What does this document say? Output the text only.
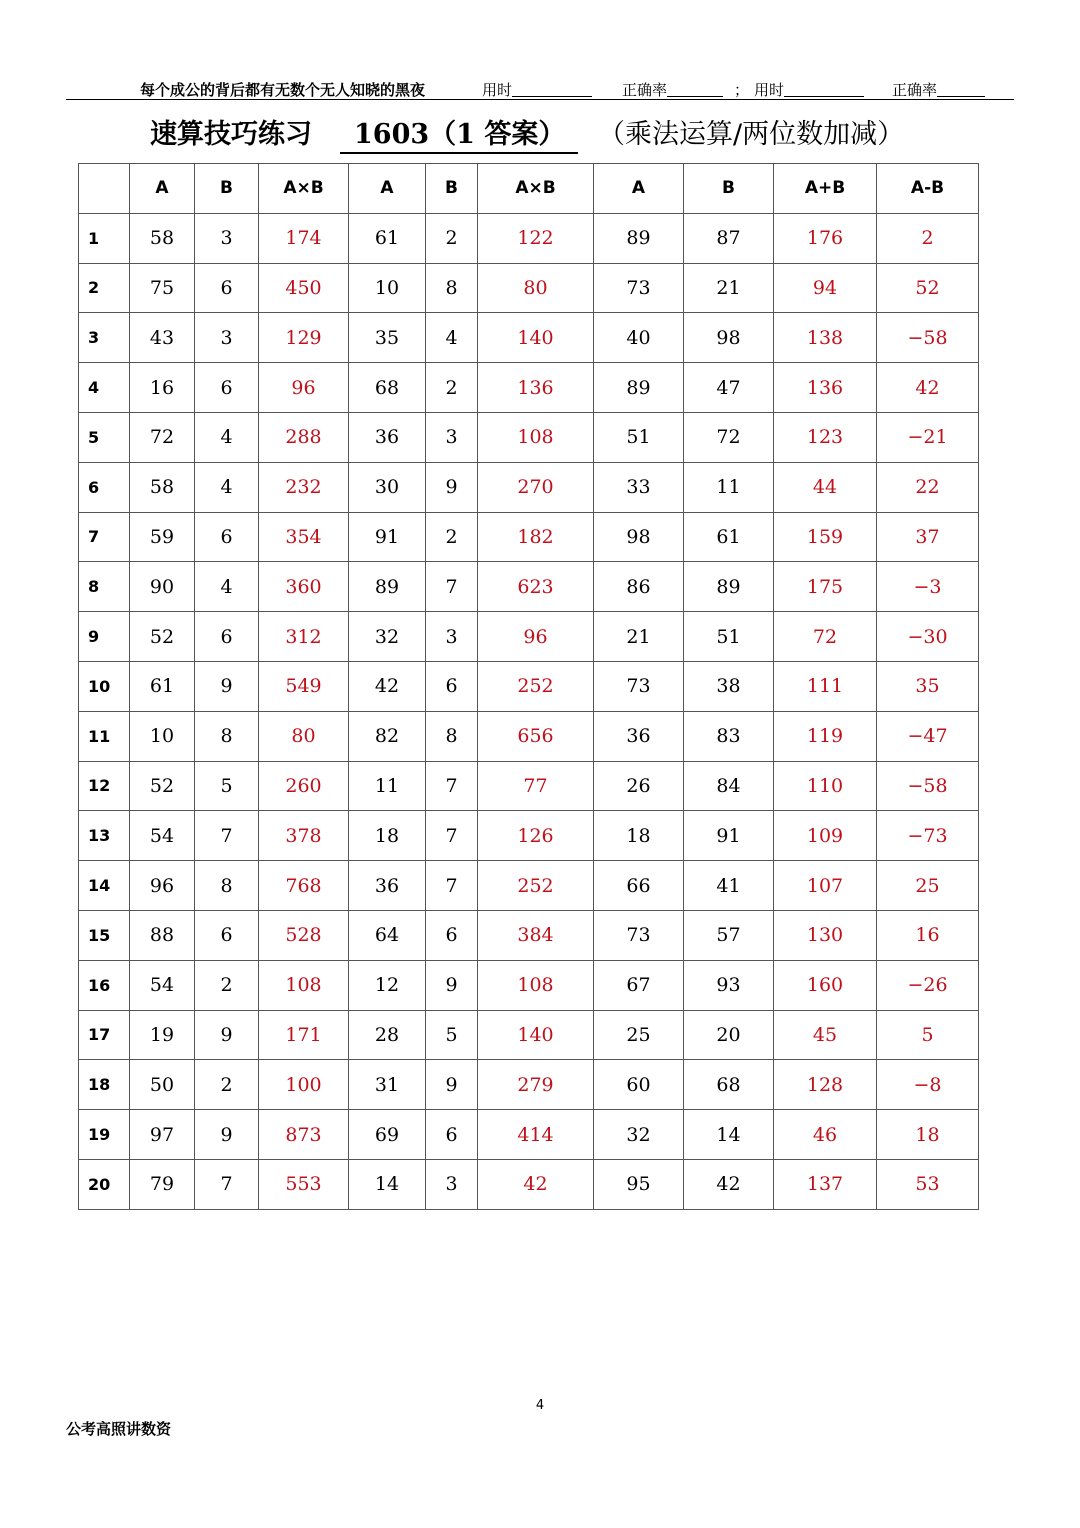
每个成公的背后都有无数个无人知晓的黑夜	用时	正确率	； 用时	正确率
速算技巧练习	1603（1 答案）	（乘法运算/两位数加减）
	A	B	A×B	A	B	A×B	A	B	A+B	A-B
1	58	3	174	61	2	122	89	87	176	2
2	75	6	450	10	8	80	73	21	94	52
3	43	3	129	35	4	140	40	98	138	−58
4	16	6	96	68	2	136	89	47	136	42
5	72	4	288	36	3	108	51	72	123	−21
6	58	4	232	30	9	270	33	11	44	22
7	59	6	354	91	2	182	98	61	159	37
8	90	4	360	89	7	623	86	89	175	−3
9	52	6	312	32	3	96	21	51	72	−30
10	61	9	549	42	6	252	73	38	111	35
11	10	8	80	82	8	656	36	83	119	−47
12	52	5	260	11	7	77	26	84	110	−58
13	54	7	378	18	7	126	18	91	109	−73
14	96	8	768	36	7	252	66	41	107	25
15	88	6	528	64	6	384	73	57	130	16
16	54	2	108	12	9	108	67	93	160	−26
17	19	9	171	28	5	140	25	20	45	5
18	50	2	100	31	9	279	60	68	128	−8
19	97	9	873	69	6	414	32	14	46	18
20	79	7	553	14	3	42	95	42	137	53
4
公考高照讲数资
